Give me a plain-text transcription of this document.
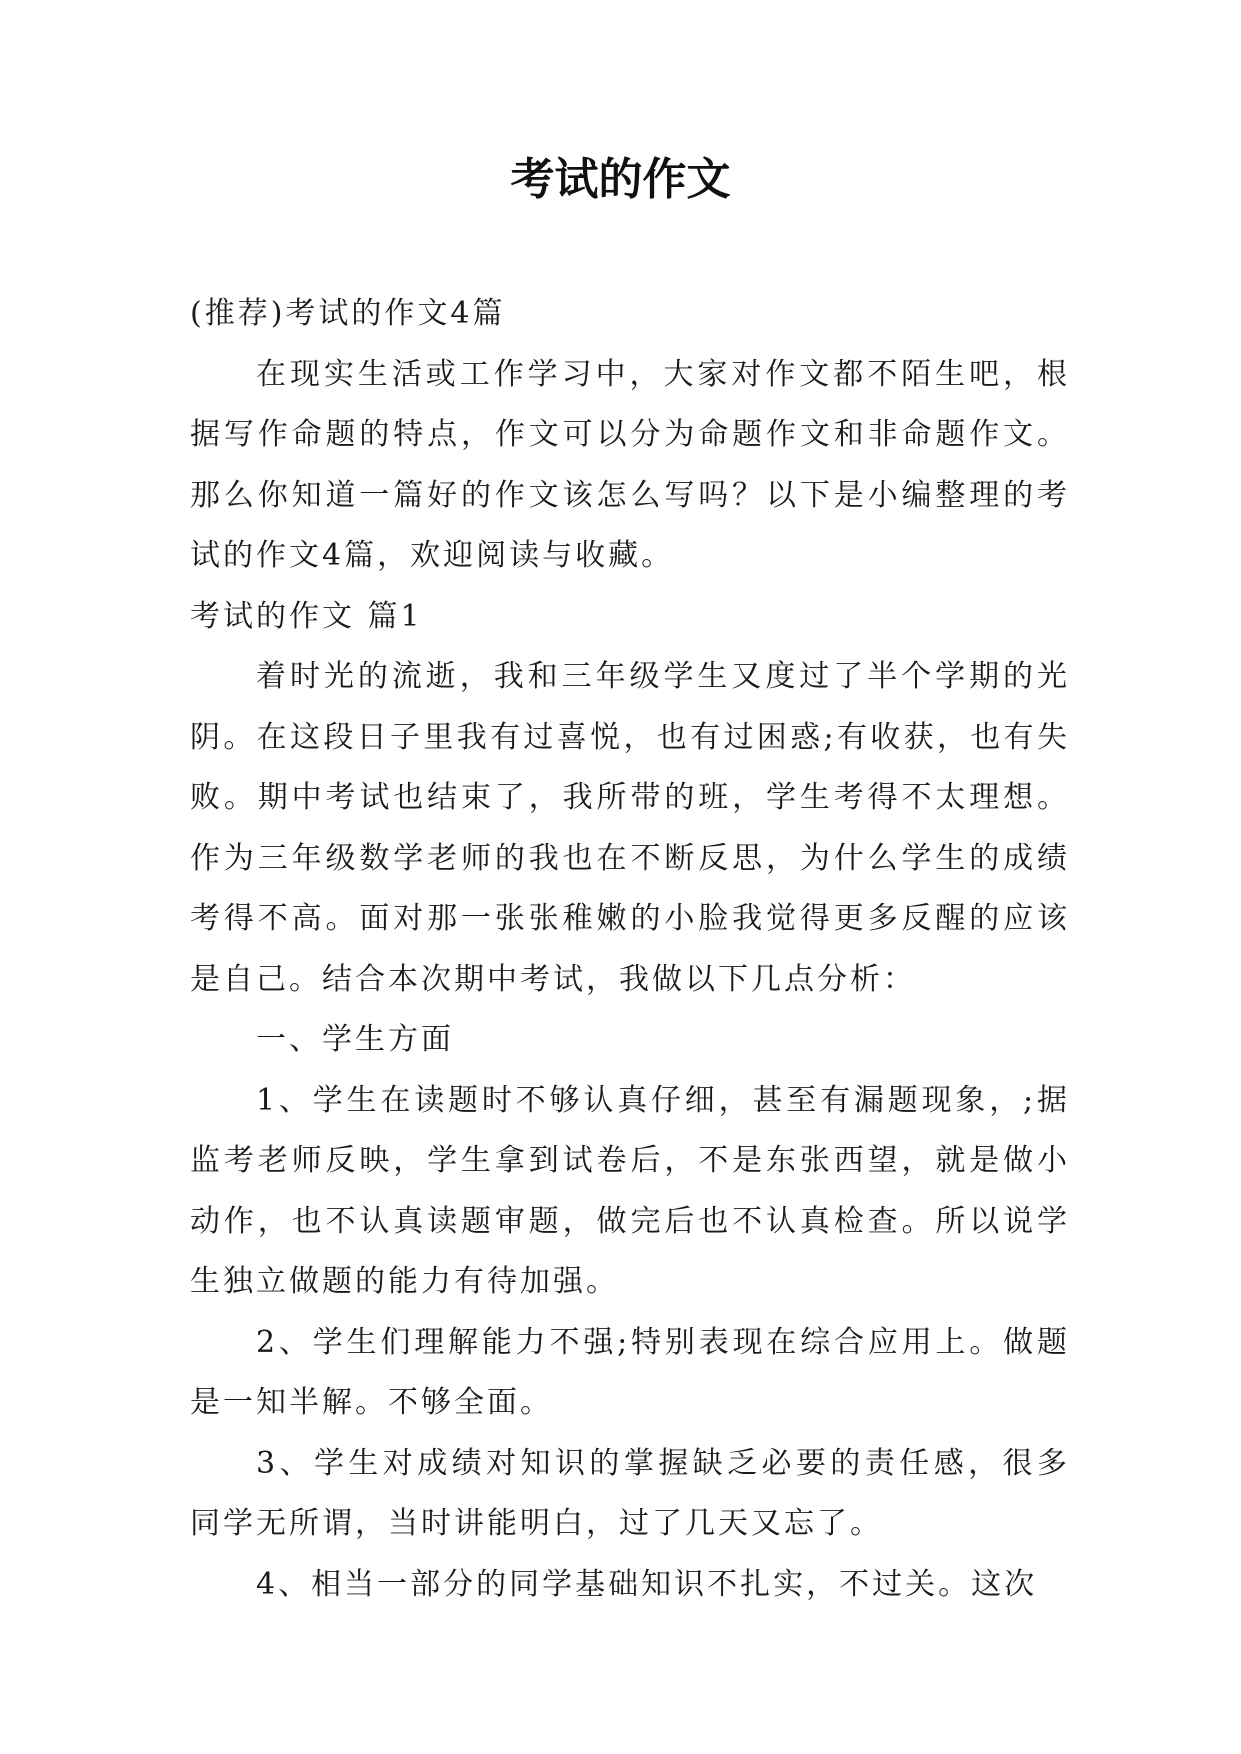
考试的作文

(推荐)考试的作文4篇

在现实生活或工作学习中，大家对作文都不陌生吧，根据写作命题的特点，作文可以分为命题作文和非命题作文。那么你知道一篇好的作文该怎么写吗？以下是小编整理的考试的作文4篇，欢迎阅读与收藏。

考试的作文 篇1

着时光的流逝，我和三年级学生又度过了半个学期的光阴。在这段日子里我有过喜悦，也有过困惑;有收获，也有失败。期中考试也结束了，我所带的班，学生考得不太理想。作为三年级数学老师的我也在不断反思，为什么学生的成绩考得不高。面对那一张张稚嫩的小脸我觉得更多反醒的应该是自己。结合本次期中考试，我做以下几点分析：

一、学生方面

1、学生在读题时不够认真仔细，甚至有漏题现象，;据监考老师反映，学生拿到试卷后，不是东张西望，就是做小动作，也不认真读题审题，做完后也不认真检查。所以说学生独立做题的能力有待加强。

2、学生们理解能力不强;特别表现在综合应用上。做题是一知半解。不够全面。

3、学生对成绩对知识的掌握缺乏必要的责任感，很多同学无所谓，当时讲能明白，过了几天又忘了。

4、相当一部分的同学基础知识不扎实，不过关。这次
